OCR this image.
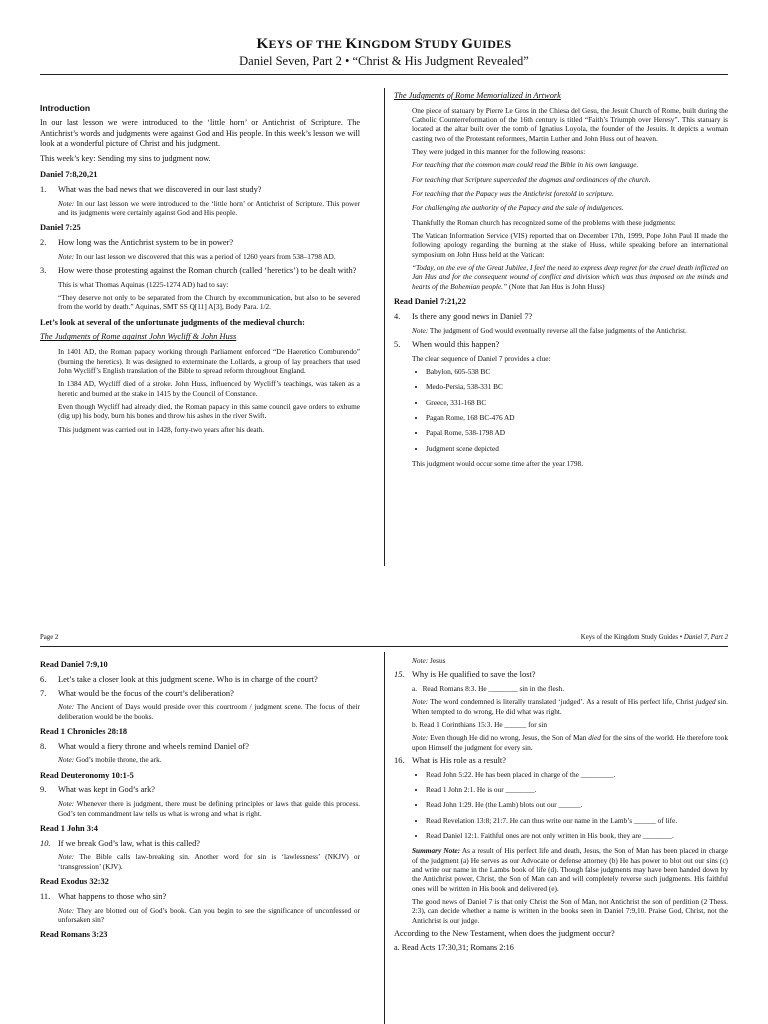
KEYS OF THE KINGDOM STUDY GUIDES
Daniel Seven, Part 2 • “Christ & His Judgment Revealed”
Introduction

In our last lesson we were introduced to the ‘little horn’ or Antichrist of Scripture. The Antichrist’s words and judgments were against God and His people. In this week’s lesson we will look at a wonderful picture of Christ and his judgment.

This week’s key: Sending my sins to judgment now.

Daniel 7:8,20,21
1.	What was the bad news that we discovered in our last study?
Note: In our last lesson we were introduced to the ‘little horn’ or Antichrist of Scripture. This power and its judgments were certainly against God and His people.
Daniel 7:25
2.	How long was the Antichrist system to be in power?
Note: In our last lesson we discovered that this was a period of 1260 years from 538–1798 AD.
3.	How were those protesting against the Roman church (called ‘heretics’) to be dealt with?
This is what Thomas Aquinas (1225-1274 AD) had to say:
“They deserve not only to be separated from the Church by excommunication, but also to be severed from the world by death.” Aquinas, SMT SS Q[11] A[3], Body Para. 1/2.
Let’s look at several of the unfortunate judgments of the medieval church:
The Judgments of Rome against John Wycliff & John Huss
In 1401 AD, the Roman papacy working through Parliament enforced “De Haeretico Comburendo” (burning the heretics). It was designed to exterminate the Lollards, a group of lay preachers that used John Wycliff’s English translation of the Bible to spread reform throughout England.
In 1384 AD, Wycliff died of a stroke. John Huss, influenced by Wycliff’s teachings, was taken as a heretic and burned at the stake in 1415 by the Council of Constance.
Even though Wycliff had already died, the Roman papacy in this same council gave orders to exhume (dig up) his body, burn his bones and throw his ashes in the river Swift.
This judgment was carried out in 1428, forty-two years after his death.
The Judgments of Rome Memorialized in Artwork
One piece of statuary by Pierre Le Gros in the Chiesa del Gesu, the Jesuit Church of Rome, built during the Catholic Counterreformation of the 16th century is titled “Faith’s Triumph over Heresy”. This statuary is located at the altar built over the tomb of Ignatius Loyola, the founder of the Jesuits. It depicts a woman casting two of the Protestant reformers, Martin Luther and John Huss out of heaven.
They were judged in this manner for the following reasons:
For teaching that the common man could read the Bible in his own language.
For teaching that Scripture superceded the dogmas and ordinances of the church.
For teaching that the Papacy was the Antichrist foretold in scripture.
For challenging the authority of the Papacy and the sale of indulgences.
Thankfully the Roman church has recognized some of the problems with these judgments:
The Vatican Information Service (VIS) reported that on December 17th, 1999, Pope John Paul II made the following apology regarding the burning at the stake of Huss, while speaking before an international symposium on John Huss held at the Vatican:
“Today, on the eve of the Great Jubilee, I feel the need to express deep regret for the cruel death inflicted on Jan Hus and for the consequent wound of conflict and division which was thus imposed on the minds and hearts of the Bohemian people.” (Note that Jan Hus is John Huss)
Read Daniel 7:21,22
4.	Is there any good news in Daniel 7?
Note: The judgment of God would eventually reverse all the false judgments of the Antichrist.
5.	When would this happen?
The clear sequence of Daniel 7 provides a clue:
• Babylon, 605-538 BC
• Medo-Persia, 538-331 BC
• Greece, 331-168 BC
• Pagan Rome, 168 BC-476 AD
• Papal Rome, 538-1798 AD
• Judgment scene depicted
This judgment would occur some time after the year 1798.
Page 2	Keys of the Kingdom Study Guides • Daniel 7, Part 2
Read Daniel 7:9,10
6.	Let’s take a closer look at this judgment scene. Who is in charge of the court?
7.	What would be the focus of the court’s deliberation?
Note: The Ancient of Days would preside over this courtroom / judgment scene. The focus of their deliberation would be the books.
Read 1 Chronicles 28:18
8.	What would a fiery throne and wheels remind Daniel of?
Note: God’s mobile throne, the ark.
Read Deuteronomy 10:1-5
9.	What was kept in God’s ark?
Note: Whenever there is judgment, there must be defining principles or laws that guide this process. God’s ten commandment law tells us what is wrong and what is right.
Read 1 John 3:4
10. If we break God’s law, what is this called?
Note: The Bible calls law-breaking sin. Another word for sin is ‘lawlessness’ (NKJV) or ‘transgression’ (KJV).
Read Exodus 32:32
11. What happens to those who sin?
Note: They are blotted out of God’s book. Can you begin to see the significance of unconfessed or unforsaken sin?
Read Romans 3:23
Note: Jesus
15. Why is He qualified to save the lost?
a. Read Romans 8:3. He ________ sin in the flesh.
Note: The word condemned is literally translated ‘judged’. As a result of His perfect life, Christ judged sin. When tempted to do wrong, He did what was right.
b. Read 1 Corinthians 15:3. He ______ for sin
Note: Even though He did no wrong, Jesus, the Son of Man died for the sins of the world. He therefore took upon Himself the judgment for every sin.
16. What is His role as a result?
• Read John 5:22. He has been placed in charge of the _________.
• Read 1 John 2:1. He is our ________.
• Read John 1:29. He (the Lamb) blots out our ______.
• Read Revelation 13:8; 21:7. He can thus write our name in the Lamb’s ______ of life.
• Read Daniel 12:1. Faithful ones are not only written in His book, they are ________.
Summary Note: As a result of His perfect life and death, Jesus, the Son of Man has been placed in charge of the judgment (a) He serves as our Advocate or defense attorney (b) He has power to blot out our sins (c) and write our name in the Lambs book of life (d). Though false judgments may have been handed down by the Antichrist power, Christ, the Son of Man can and will completely reverse such judgments. His faithful ones will be written in His book and delivered (e).
The good news of Daniel 7 is that only Christ the Son of Man, not Antichrist the son of perdition (2 Thess. 2:3), can decide whether a name is written in the books seen in Daniel 7:9,10. Praise God, Christ, not the Antichrist is our judge.
According to the New Testament, when does the judgment occur?
a. Read Acts 17:30,31; Romans 2:16
